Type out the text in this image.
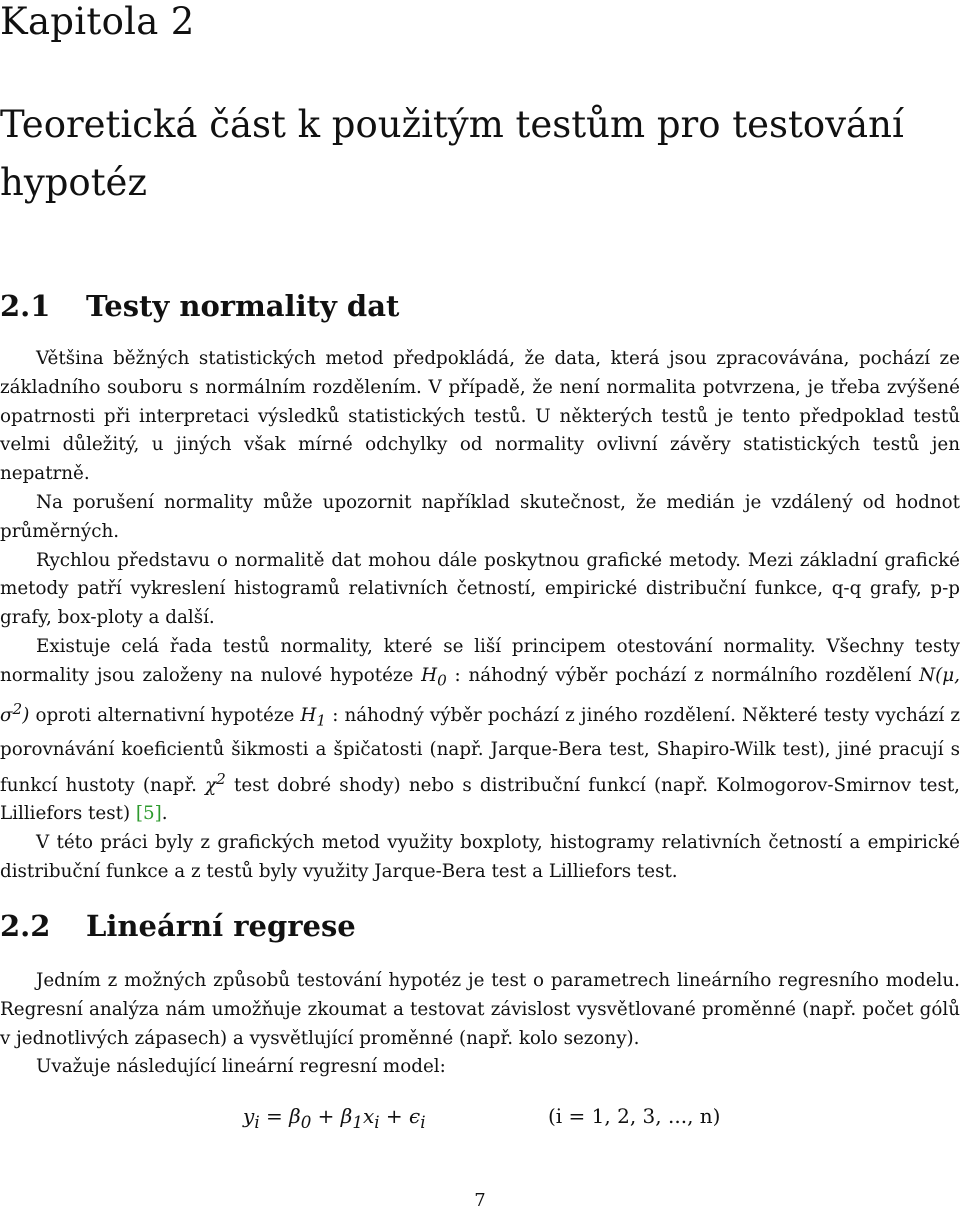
Kapitola 2
Teoretická část k použitým testům pro testování hypotéz
2.1 Testy normality dat

Většina běžných statistických metod předpokládá, že data, která jsou zpracovávána, pochází ze základního souboru s normálním rozdělením. V případě, že není normalita potvrzena, je třeba zvýšené opatrnosti při interpretaci výsledků statistických testů. U některých testů je tento předpoklad testů velmi důležitý, u jiných však mírné odchylky od normality ovlivní závěry statistických testů jen nepatrně.

Na porušení normality může upozornit například skutečnost, že medián je vzdálený od hodnot průměrných.

Rychlou představu o normalitě dat mohou dále poskytnou grafické metody. Mezi základní grafické metody patří vykreslení histogramů relativních četností, empirické distribuční funkce, q-q grafy, p-p grafy, box-ploty a další.

Existuje celá řada testů normality, které se liší principem otestování normality. Všechny testy normality jsou založeny na nulové hypotéze $H_0$ : náhodný výběr pochází z normálního rozdělení N(μ, $\sigma^2$) oproti alternativní hypotéze $H_1$ : náhodný výběr pochází z jiného rozdělení. Některé testy vychází z porovnávání koeficientů šikmosti a špičatosti (např. Jarque-Bera test, Shapiro-Wilk test), jiné pracují s funkcí hustoty (např. $\chi^2$ test dobré shody) nebo s distribuční funkcí (např. Kolmogorov-Smirnov test, Lilliefors test) [5].

V této práci byly z grafických metod využity boxploty, histogramy relativních četností a empirické distribuční funkce a z testů byly využity Jarque-Bera test a Lilliefors test.

2.2 Lineární regrese

Jedním z možných způsobů testování hypotéz je test o parametrech lineárního regresního modelu. Regresní analýza nám umožňuje zkoumat a testovat závislost vysvětlované proměnné (např. počet gólů v jednotlivých zápasech) a vysvětlující proměnné (např. kolo sezony).

Uvažuje následující lineární regresní model:

$y_i = \beta_0 + \beta_1x_i + \epsilon_i$	(i = 1, 2, 3, ..., n)
7
